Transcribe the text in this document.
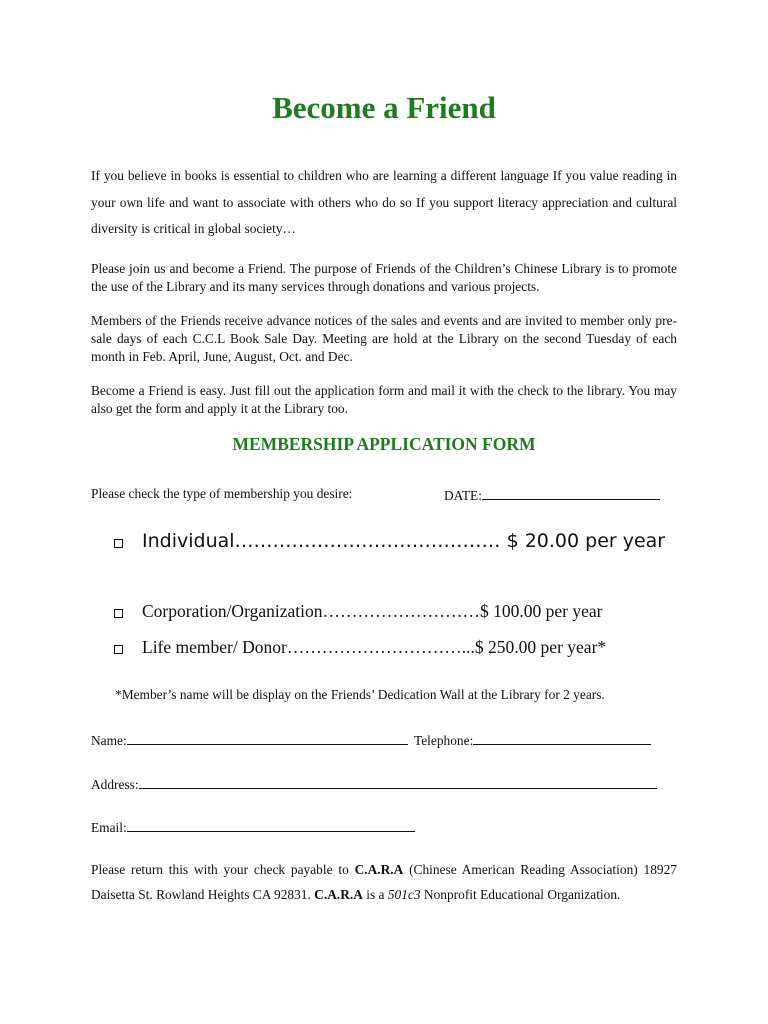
Become a Friend

If you believe in books is essential to children who are learning a different language If you value reading in your own life and want to associate with others who do so If you support literacy appreciation and cultural diversity is critical in global society…

Please join us and become a Friend. The purpose of Friends of the Children’s Chinese Library is to promote the use of the Library and its many services through donations and various projects.

Members of the Friends receive advance notices of the sales and events and are invited to member only pre-sale days of each C.C.L Book Sale Day. Meeting are hold at the Library on the second Tuesday of each month in Feb. April, June, August, Oct. and Dec.

Become a Friend is easy. Just fill out the application form and mail it with the check to the library. You may also get the form and apply it at the Library too.

MEMBERSHIP APPLICATION FORM
Please check the type of membership you desire:	DATE:
Individual…………………………………… $ 20.00 per year
Corporation/Organization………………………$ 100.00 per year
Life member/ Donor…………………………...$ 250.00 per year*
*Member’s name will be display on the Friends’ Dedication Wall at the Library for 2 years.
Name:	Telephone:
Address:
Email:

Please return this with your check payable to C.A.R.A (Chinese American Reading Association) 18927 Daisetta St. Rowland Heights CA 92831. C.A.R.A is a 501c3 Nonprofit Educational Organization.
